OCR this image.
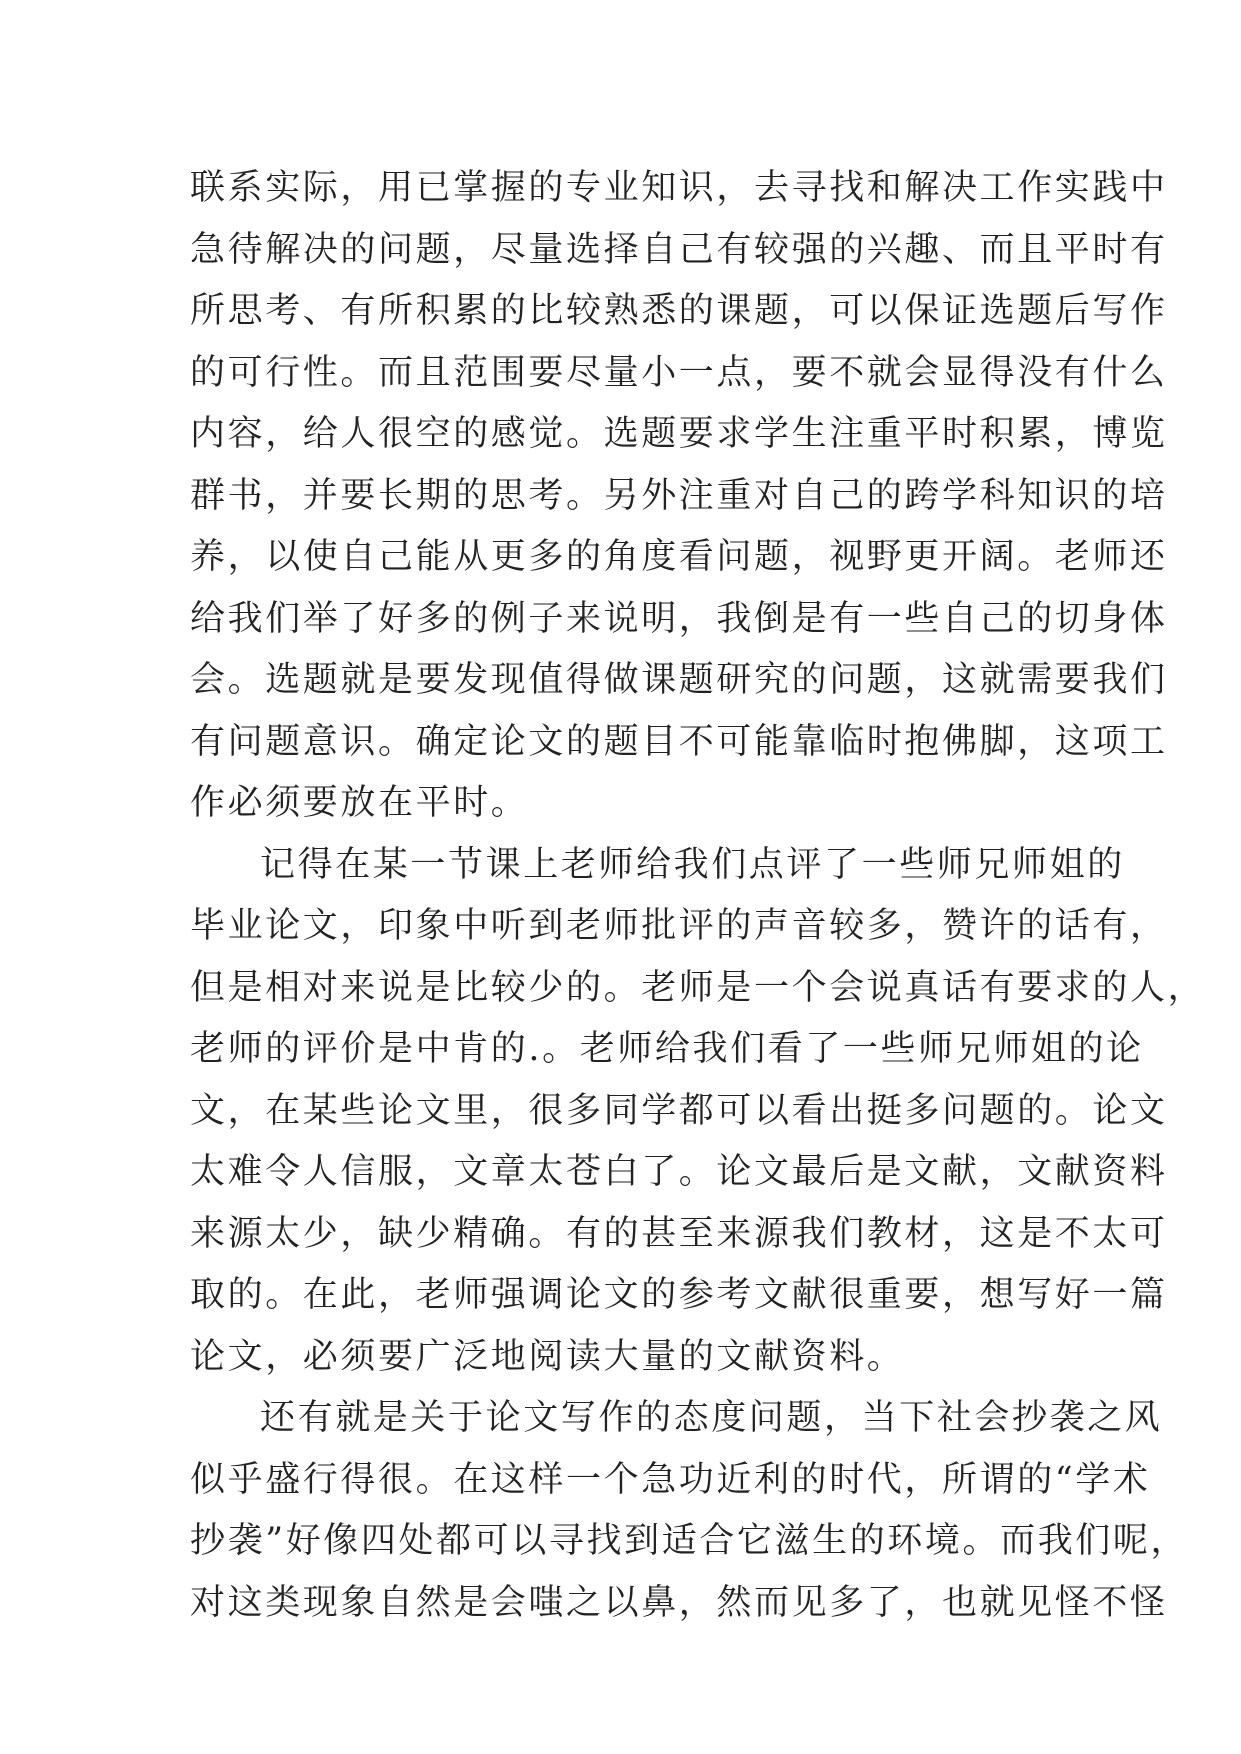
联系实际，用已掌握的专业知识，去寻找和解决工作实践中
急待解决的问题，尽量选择自己有较强的兴趣、而且平时有
所思考、有所积累的比较熟悉的课题，可以保证选题后写作
的可行性。而且范围要尽量小一点，要不就会显得没有什么
内容，给人很空的感觉。选题要求学生注重平时积累，博览
群书，并要长期的思考。另外注重对自己的跨学科知识的培
养，以使自己能从更多的角度看问题，视野更开阔。老师还
给我们举了好多的例子来说明，我倒是有一些自己的切身体
会。选题就是要发现值得做课题研究的问题，这就需要我们
有问题意识。确定论文的题目不可能靠临时抱佛脚，这项工
作必须要放在平时。
记得在某一节课上老师给我们点评了一些师兄师姐的
毕业论文，印象中听到老师批评的声音较多，赞许的话有，
但是相对来说是比较少的。老师是一个会说真话有要求的人，
老师的评价是中肯的.。老师给我们看了一些师兄师姐的论
文，在某些论文里，很多同学都可以看出挺多问题的。论文
太难令人信服，文章太苍白了。论文最后是文献，文献资料
来源太少，缺少精确。有的甚至来源我们教材，这是不太可
取的。在此，老师强调论文的参考文献很重要，想写好一篇
论文，必须要广泛地阅读大量的文献资料。
还有就是关于论文写作的态度问题，当下社会抄袭之风
似乎盛行得很。在这样一个急功近利的时代，所谓的“学术
抄袭”好像四处都可以寻找到适合它滋生的环境。而我们呢，
对这类现象自然是会嗤之以鼻，然而见多了，也就见怪不怪
